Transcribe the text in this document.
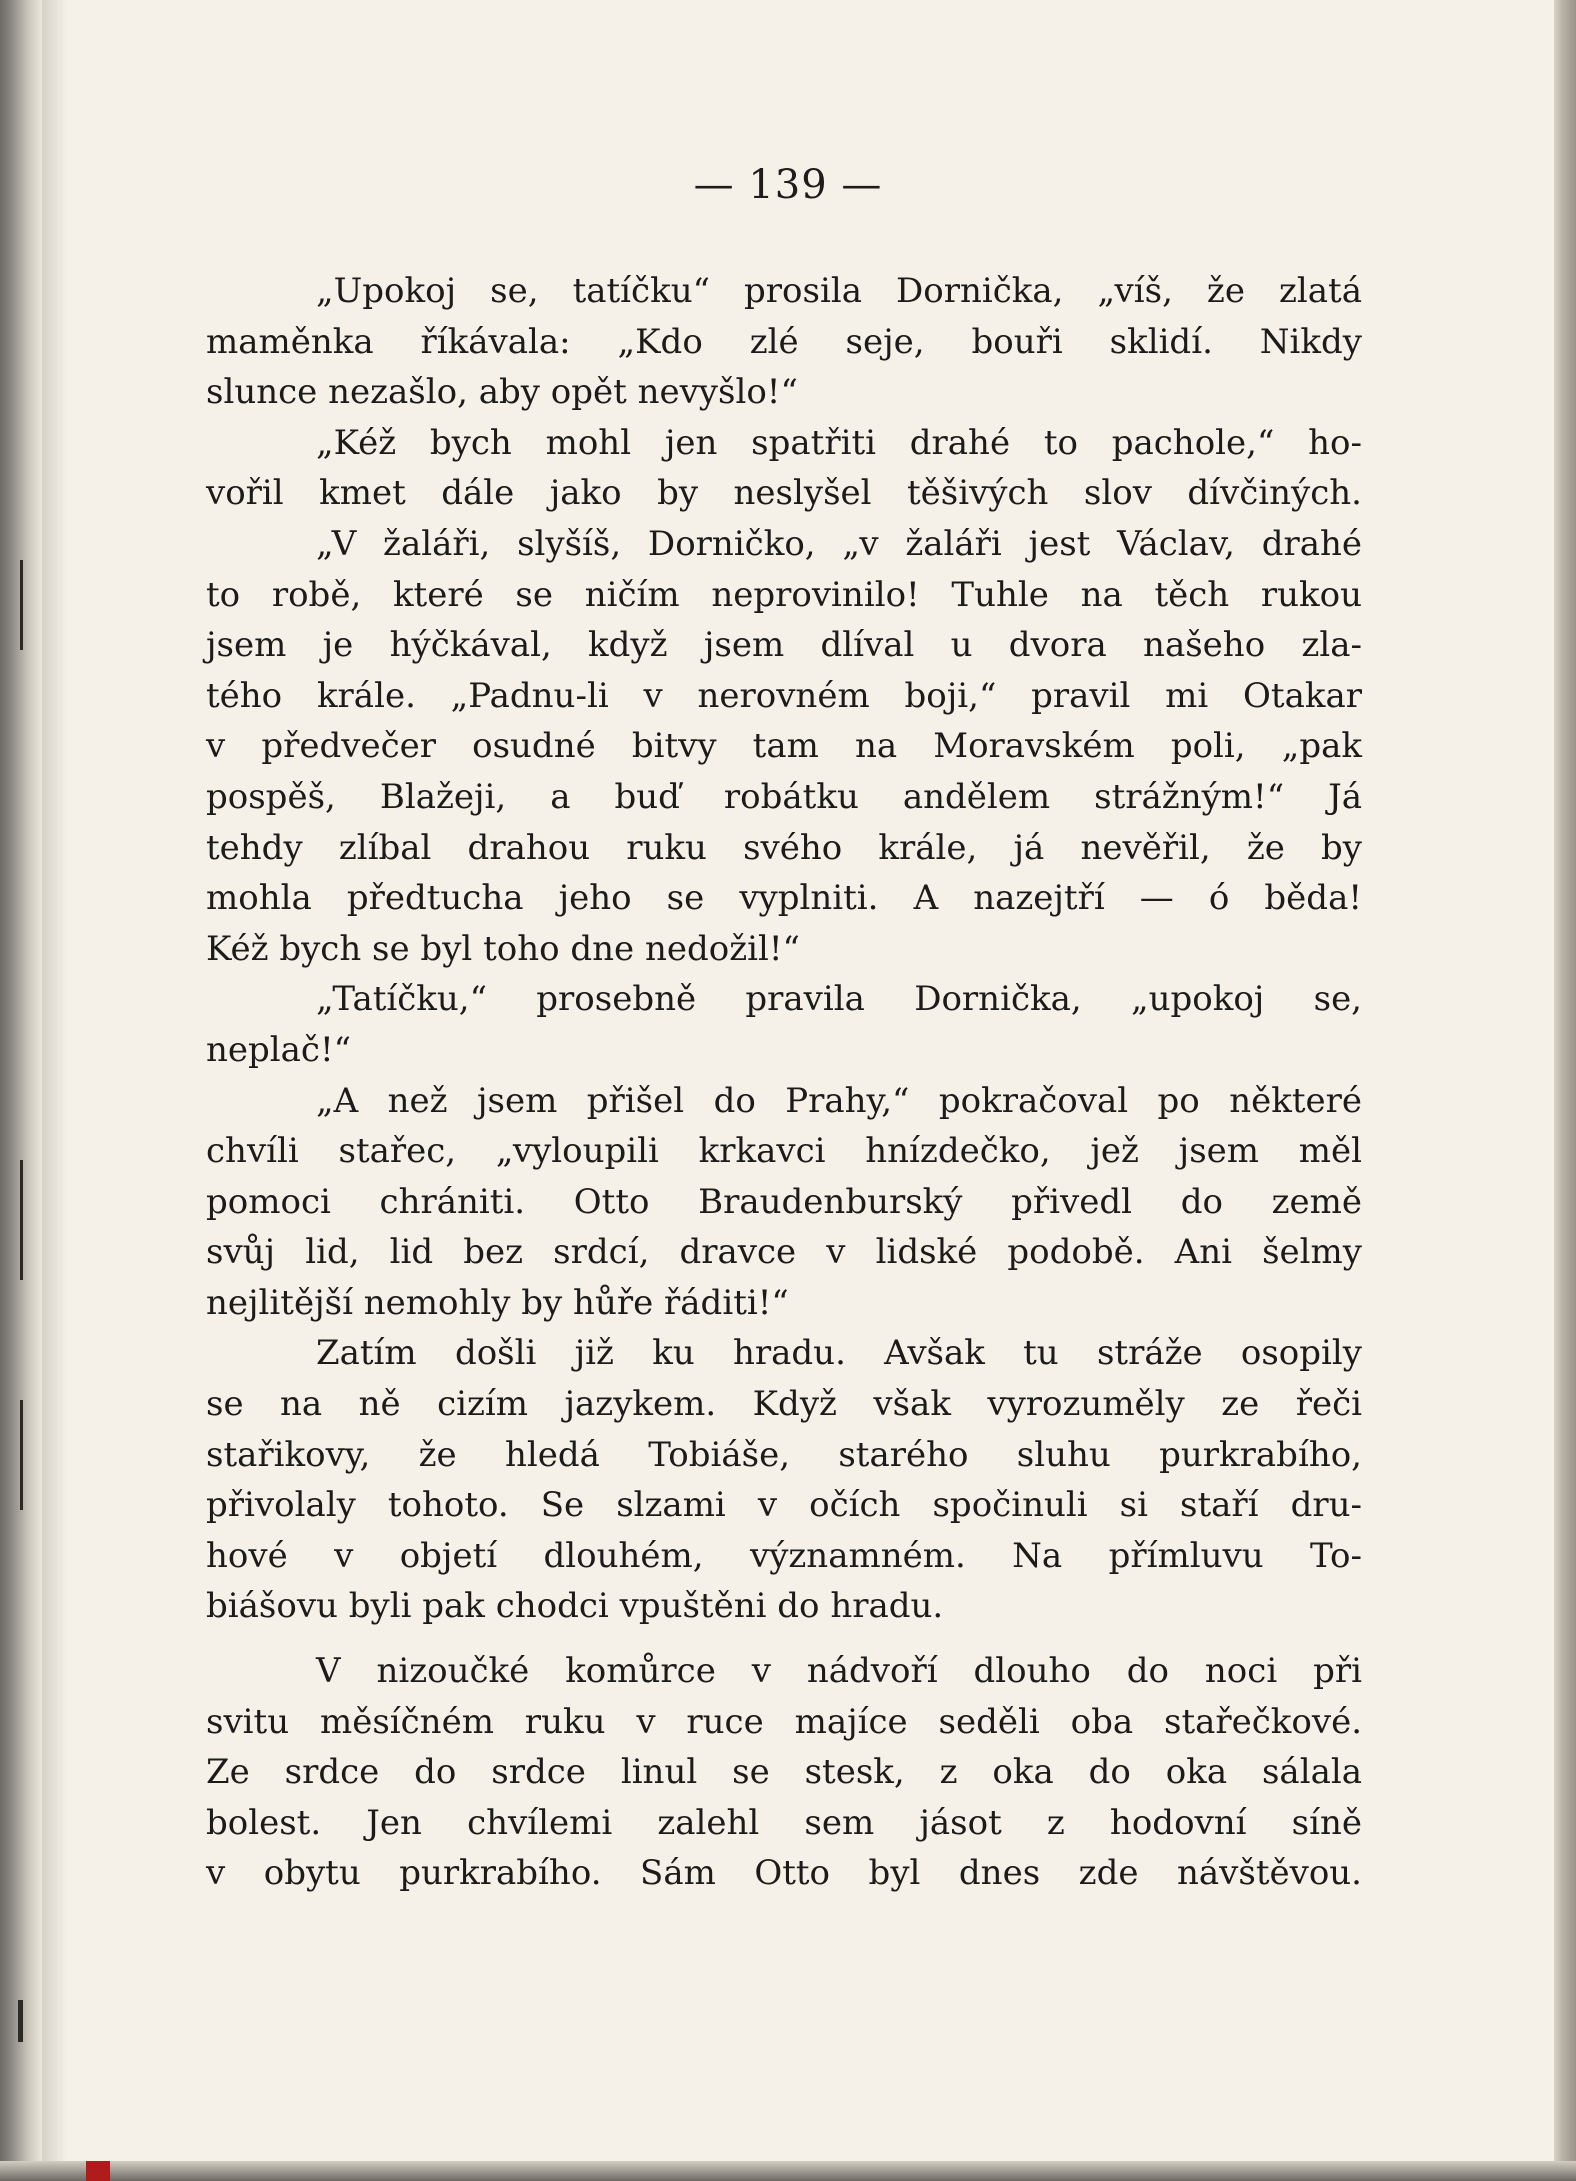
— 139 —
„Upokoj se, tatíčku“ prosila Dornička, „víš, že zlatá
maměnka říkávala: „Kdo zlé seje, bouři sklidí. Nikdy
slunce nezašlo, aby opět nevyšlo!“
„Kéž bych mohl jen spatřiti drahé to pachole,“ ho-
vořil kmet dále jako by neslyšel těšivých slov dívčiných.
„V žaláři, slyšíš, Dorničko, „v žaláři jest Václav, drahé
to robě, které se ničím neprovinilo! Tuhle na těch rukou
jsem je hýčkával, když jsem dlíval u dvora našeho zla-
tého krále. „Padnu-li v nerovném boji,“ pravil mi Otakar
v předvečer osudné bitvy tam na Moravském poli, „pak
pospěš, Blažeji, a buď robátku andělem strážným!“ Já
tehdy zlíbal drahou ruku svého krále, já nevěřil, že by
mohla předtucha jeho se vyplniti. A nazejtří — ó běda!
Kéž bych se byl toho dne nedožil!“
„Tatíčku,“ prosebně pravila Dornička, „upokoj se,
neplač!“
„A než jsem přišel do Prahy,“ pokračoval po některé
chvíli stařec, „vyloupili krkavci hnízdečko, jež jsem měl
pomoci chrániti. Otto Braudenburský přivedl do země
svůj lid, lid bez srdcí, dravce v lidské podobě. Ani šelmy
nejlitější nemohly by hůře řáditi!“
Zatím došli již ku hradu. Avšak tu stráže osopily
se na ně cizím jazykem. Když však vyrozuměly ze řeči
stařikovy, že hledá Tobiáše, starého sluhu purkrabího,
přivolaly tohoto. Se slzami v očích spočinuli si staří dru-
hové v objetí dlouhém, významném. Na přímluvu To-
biášovu byli pak chodci vpuštěni do hradu.
V nizoučké komůrce v nádvoří dlouho do noci při
svitu měsíčném ruku v ruce majíce seděli oba stařečkové.
Ze srdce do srdce linul se stesk, z oka do oka sálala
bolest. Jen chvílemi zalehl sem jásot z hodovní síně
v obytu purkrabího. Sám Otto byl dnes zde návštěvou.
